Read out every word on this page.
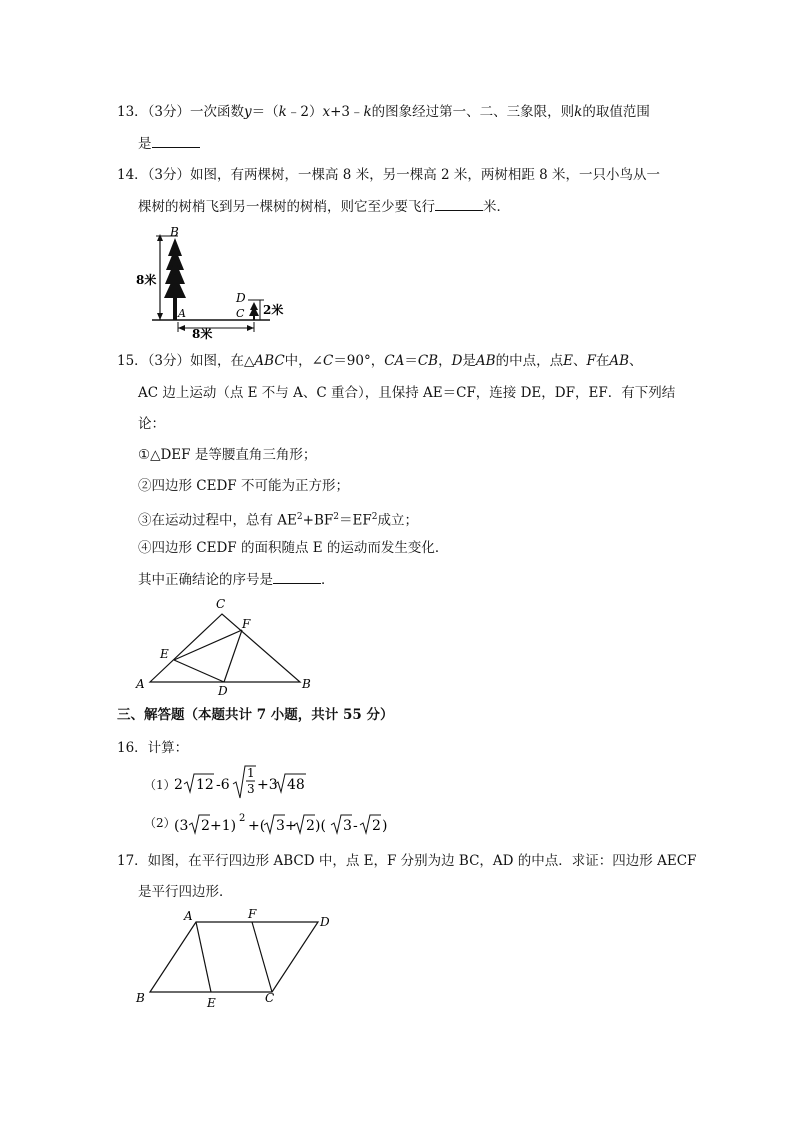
13．（3分）一次函数y＝（k﹣2）x+3﹣k的图象经过第一、二、三象限，则k的取值范围
是
14．（3分）如图，有两棵树，一棵高 8 米，另一棵高 2 米，两树相距 8 米，一只小鸟从一
棵树的树梢飞到另一棵树的树梢，则它至少要飞行	米．
B
A
D
C
8米
2米
8米
15．（3分）如图，在△ABC中，∠C＝90°，CA＝CB，D是AB的中点，点E、F在AB、
AC 边上运动（点 E 不与 A、C 重合），且保持 AE＝CF，连接 DE，DF，EF．有下列结
论：
①△DEF 是等腰直角三角形；
②四边形 CEDF 不可能为正方形；
③在运动过程中，总有 $AE^2+BF^2=EF^2$成立；
④四边形 CEDF 的面积随点 E 的运动而发生变化．
其中正确结论的序号是	．
C
F
E
A	D	B
三、解答题（本题共计 7 小题，共计 55 分）
16．计算：
（1）
2 12 -6
1
3 +3 48
（2）
(3 2 +1) 2 +( 3 + 2 )( 3 - 2 )
17．如图，在平行四边形 ABCD 中，点 E，F 分别为边 BC，AD 的中点．求证：四边形 AECF
是平行四边形．
A	F
D
B	E	C
